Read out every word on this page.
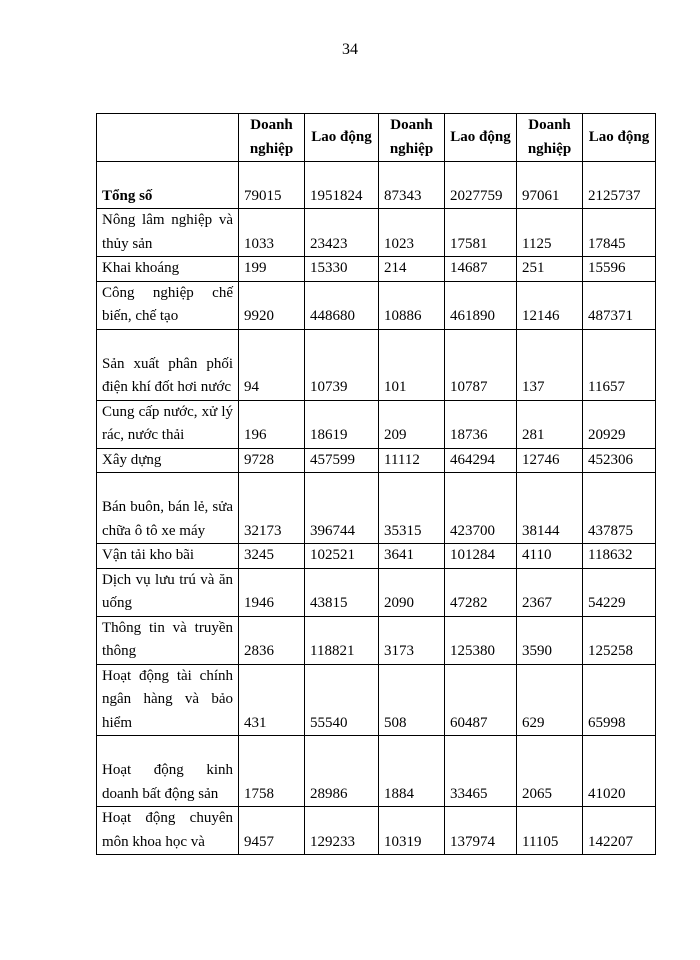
34
	Doanh nghiệp	Lao động	Doanh nghiệp	Lao động	Doanh nghiệp	Lao động
Tổng số	79015	1951824	87343	2027759	97061	2125737
Nông lâm nghiệp và thủy sản	1033	23423	1023	17581	1125	17845
Khai khoáng	199	15330	214	14687	251	15596
Công nghiệp chế biến, chế tạo	9920	448680	10886	461890	12146	487371
Sản xuất phân phối điện khí đốt hơi nước	94	10739	101	10787	137	11657
Cung cấp nước, xử lý rác, nước thải	196	18619	209	18736	281	20929
Xây dựng	9728	457599	11112	464294	12746	452306
Bán buôn, bán lẻ, sửa chữa ô tô xe máy	32173	396744	35315	423700	38144	437875
Vận tải kho bãi	3245	102521	3641	101284	4110	118632
Dịch vụ lưu trú và ăn uống	1946	43815	2090	47282	2367	54229
Thông tin và truyền thông	2836	118821	3173	125380	3590	125258
Hoạt động tài chính ngân hàng và bảo hiểm	431	55540	508	60487	629	65998
Hoạt động kinh doanh bất động sản	1758	28986	1884	33465	2065	41020
Hoạt động chuyên môn khoa học và	9457	129233	10319	137974	11105	142207
